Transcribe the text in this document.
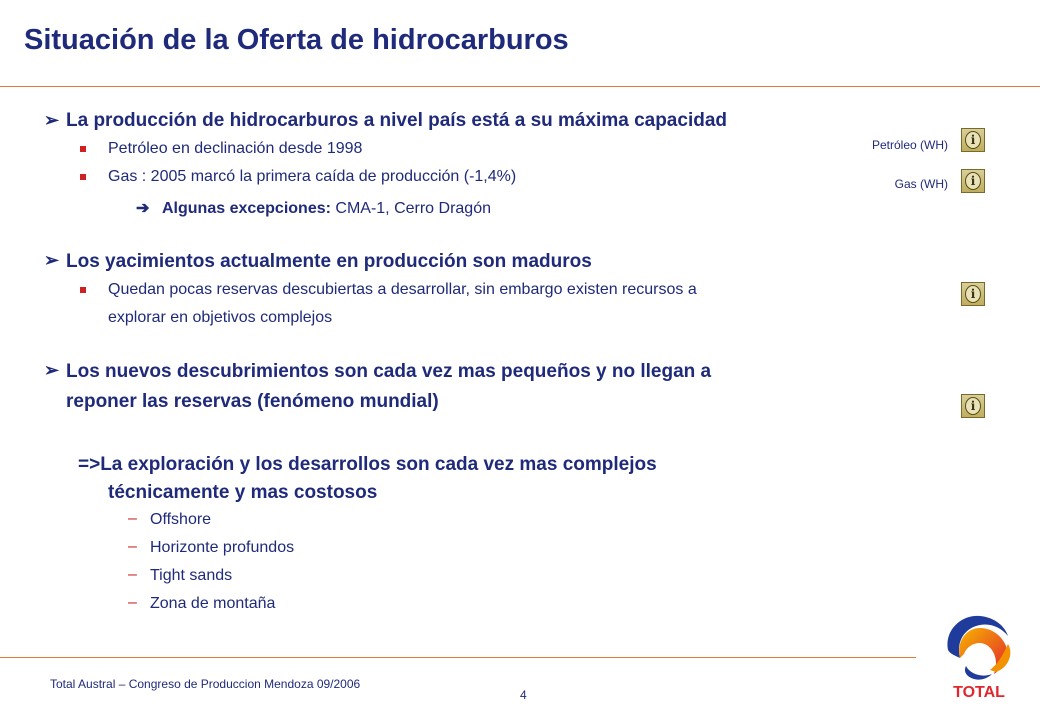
Situación de la Oferta de hidrocarburos
➢ La producción de hidrocarburos a nivel país está a su máxima capacidad
Petróleo en declinación desde 1998
Gas : 2005 marcó la primera caída de producción (-1,4%)
➔ Algunas excepciones: CMA-1, Cerro Dragón
➢ Los yacimientos actualmente en producción son maduros
Quedan pocas reservas descubiertas a desarrollar, sin embargo existen recursos a
explorar en objetivos complejos
➢ Los nuevos descubrimientos son cada vez mas pequeños y no llegan a
reponer las reservas (fenómeno mundial)
=>La exploración y los desarrollos son cada vez mas complejos
técnicamente y mas costosos
– Offshore
– Horizonte profundos
– Tight sands
– Zona de montaña
Petróleo (WH)	i
Gas (WH)	i
i
i
Total Austral – Congreso de Produccion Mendoza 09/2006
4	TOTAL
